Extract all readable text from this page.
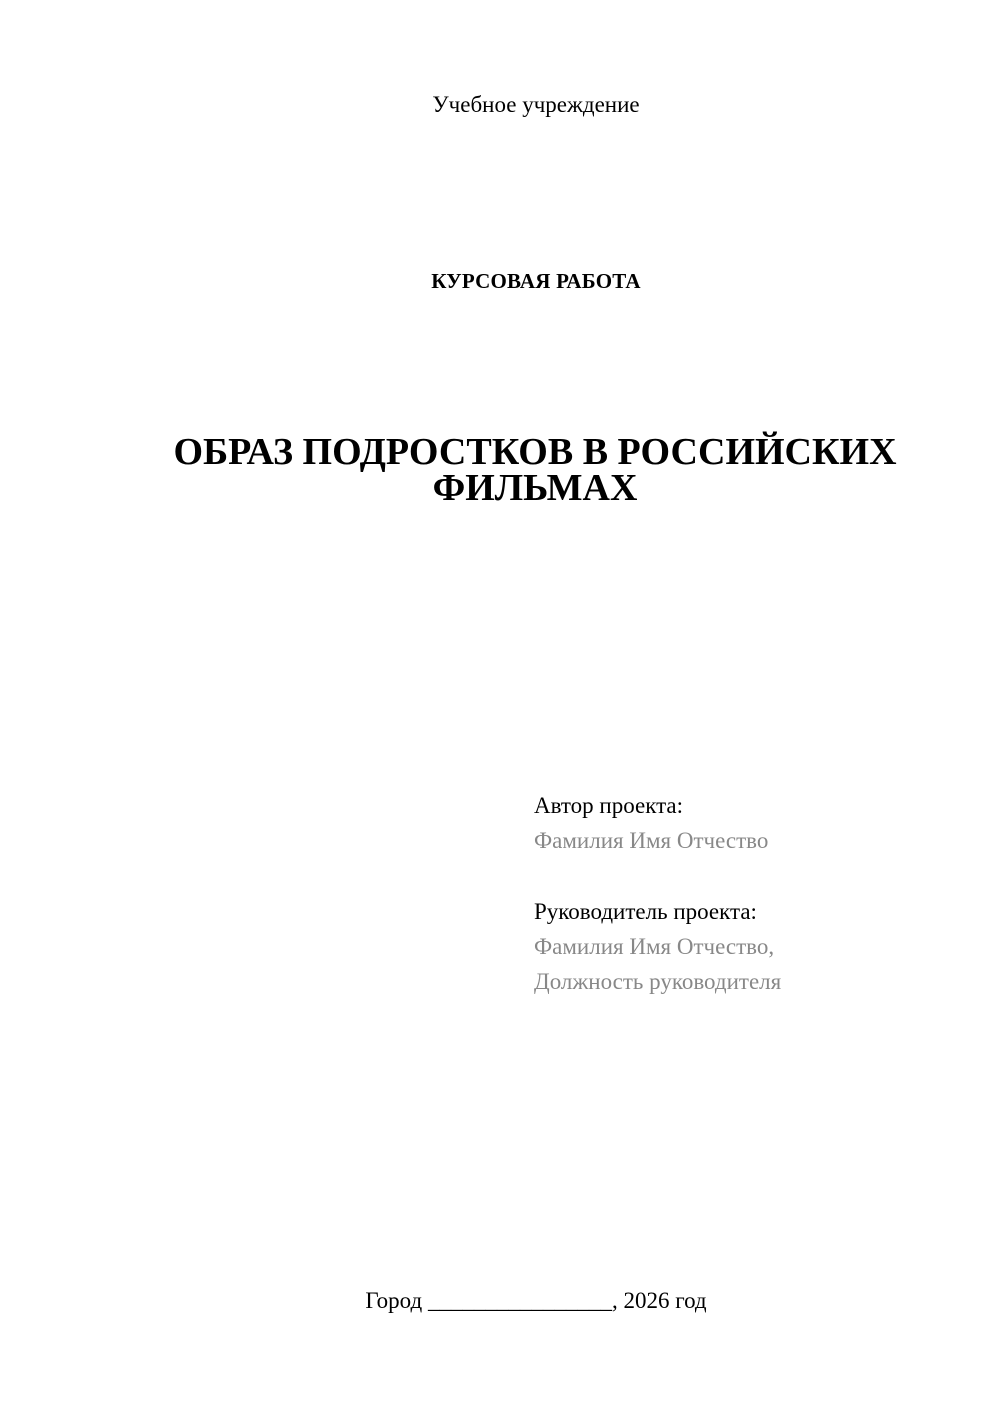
Учебное учреждение
КУРСОВАЯ РАБОТА
ОБРАЗ ПОДРОСТКОВ В РОССИЙСКИХ
ФИЛЬМАХ
Автор проекта:
Фамилия Имя Отчество
Руководитель проекта:
Фамилия Имя Отчество,
Должность руководителя
Город ________________, 2026 год
